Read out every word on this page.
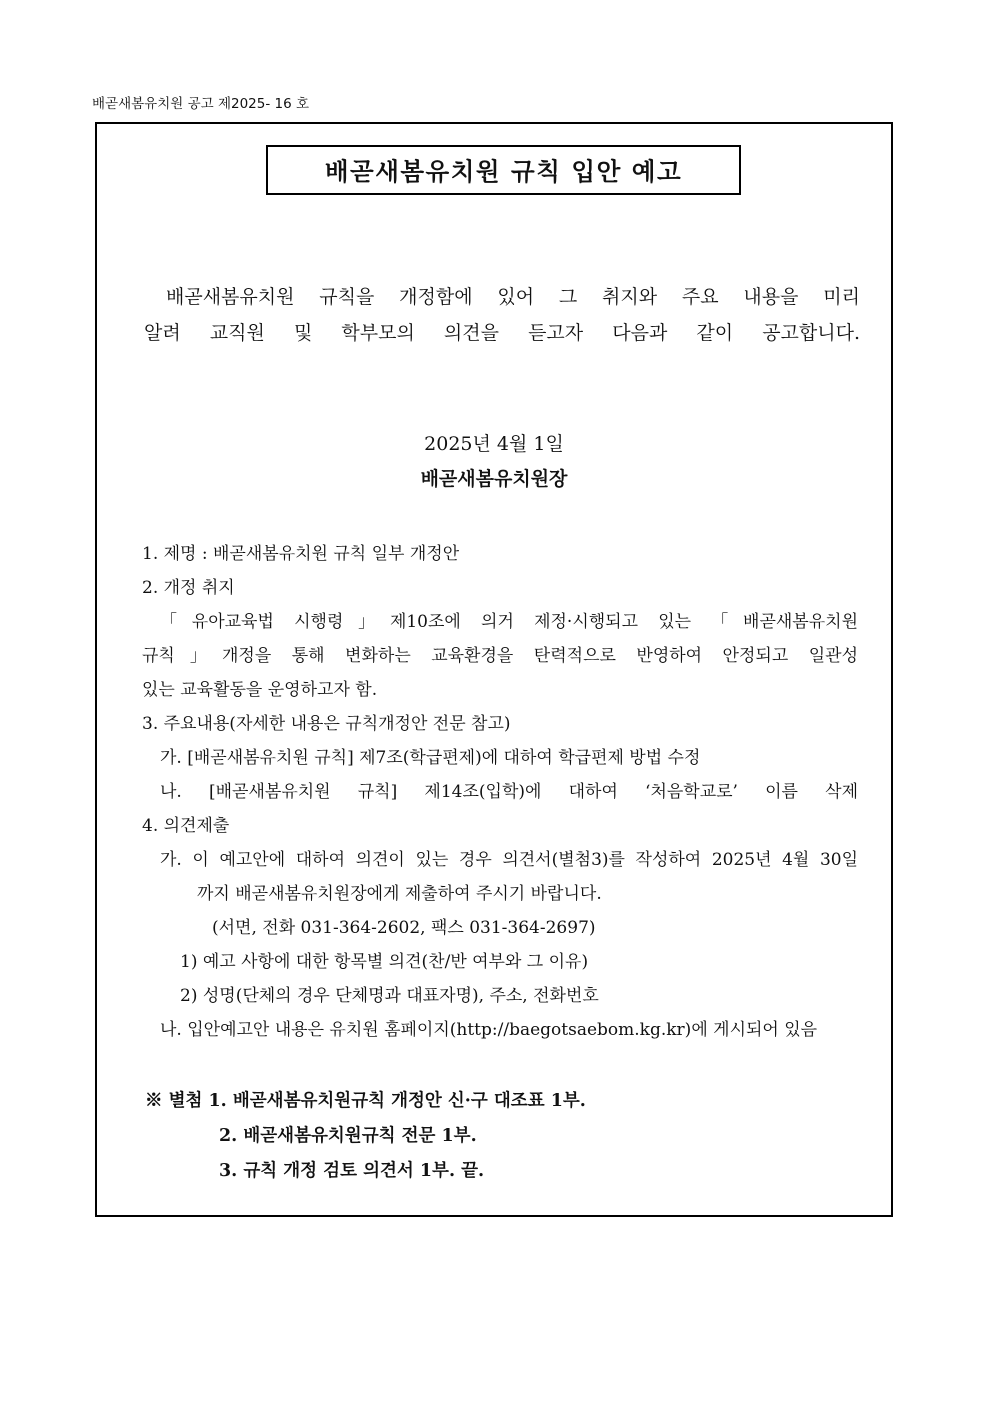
배곧새봄유치원 공고 제2025- 16 호
배곧새봄유치원 규칙 입안 예고
배곧새봄유치원 규칙을 개정함에 있어 그 취지와 주요 내용을 미리
알려 교직원 및 학부모의 의견을 듣고자 다음과 같이 공고합니다.
2025년 4월 1일
배곧새봄유치원장
1. 제명 : 배곧새봄유치원 규칙 일부 개정안
2. 개정 취지
「유아교육법 시행령」제10조에 의거 제정·시행되고 있는 「배곧새봄유치원
규칙」개정을 통해 변화하는 교육환경을 탄력적으로 반영하여 안정되고 일관성
있는 교육활동을 운영하고자 함.
3. 주요내용(자세한 내용은 규칙개정안 전문 참고)
가. [배곧새봄유치원 규칙] 제7조(학급편제)에 대하여 학급편제 방법 수정
나. [배곧새봄유치원 규칙] 제14조(입학)에 대하여 ‘처음학교로’ 이름 삭제
4. 의견제출
가. 이 예고안에 대하여 의견이 있는 경우 의견서(별첨3)를 작성하여 2025년 4월 30일
까지 배곧새봄유치원장에게 제출하여 주시기 바랍니다.
(서면, 전화 031-364-2602, 팩스 031-364-2697)
1) 예고 사항에 대한 항목별 의견(찬/반 여부와 그 이유)
2) 성명(단체의 경우 단체명과 대표자명), 주소, 전화번호
나. 입안예고안 내용은 유치원 홈페이지(http://baegotsaebom.kg.kr)에 게시되어 있음
※ 별첨 1. 배곧새봄유치원규칙 개정안 신·구 대조표 1부.
2. 배곧새봄유치원규칙 전문 1부.
3. 규칙 개정 검토 의견서 1부. 끝.
